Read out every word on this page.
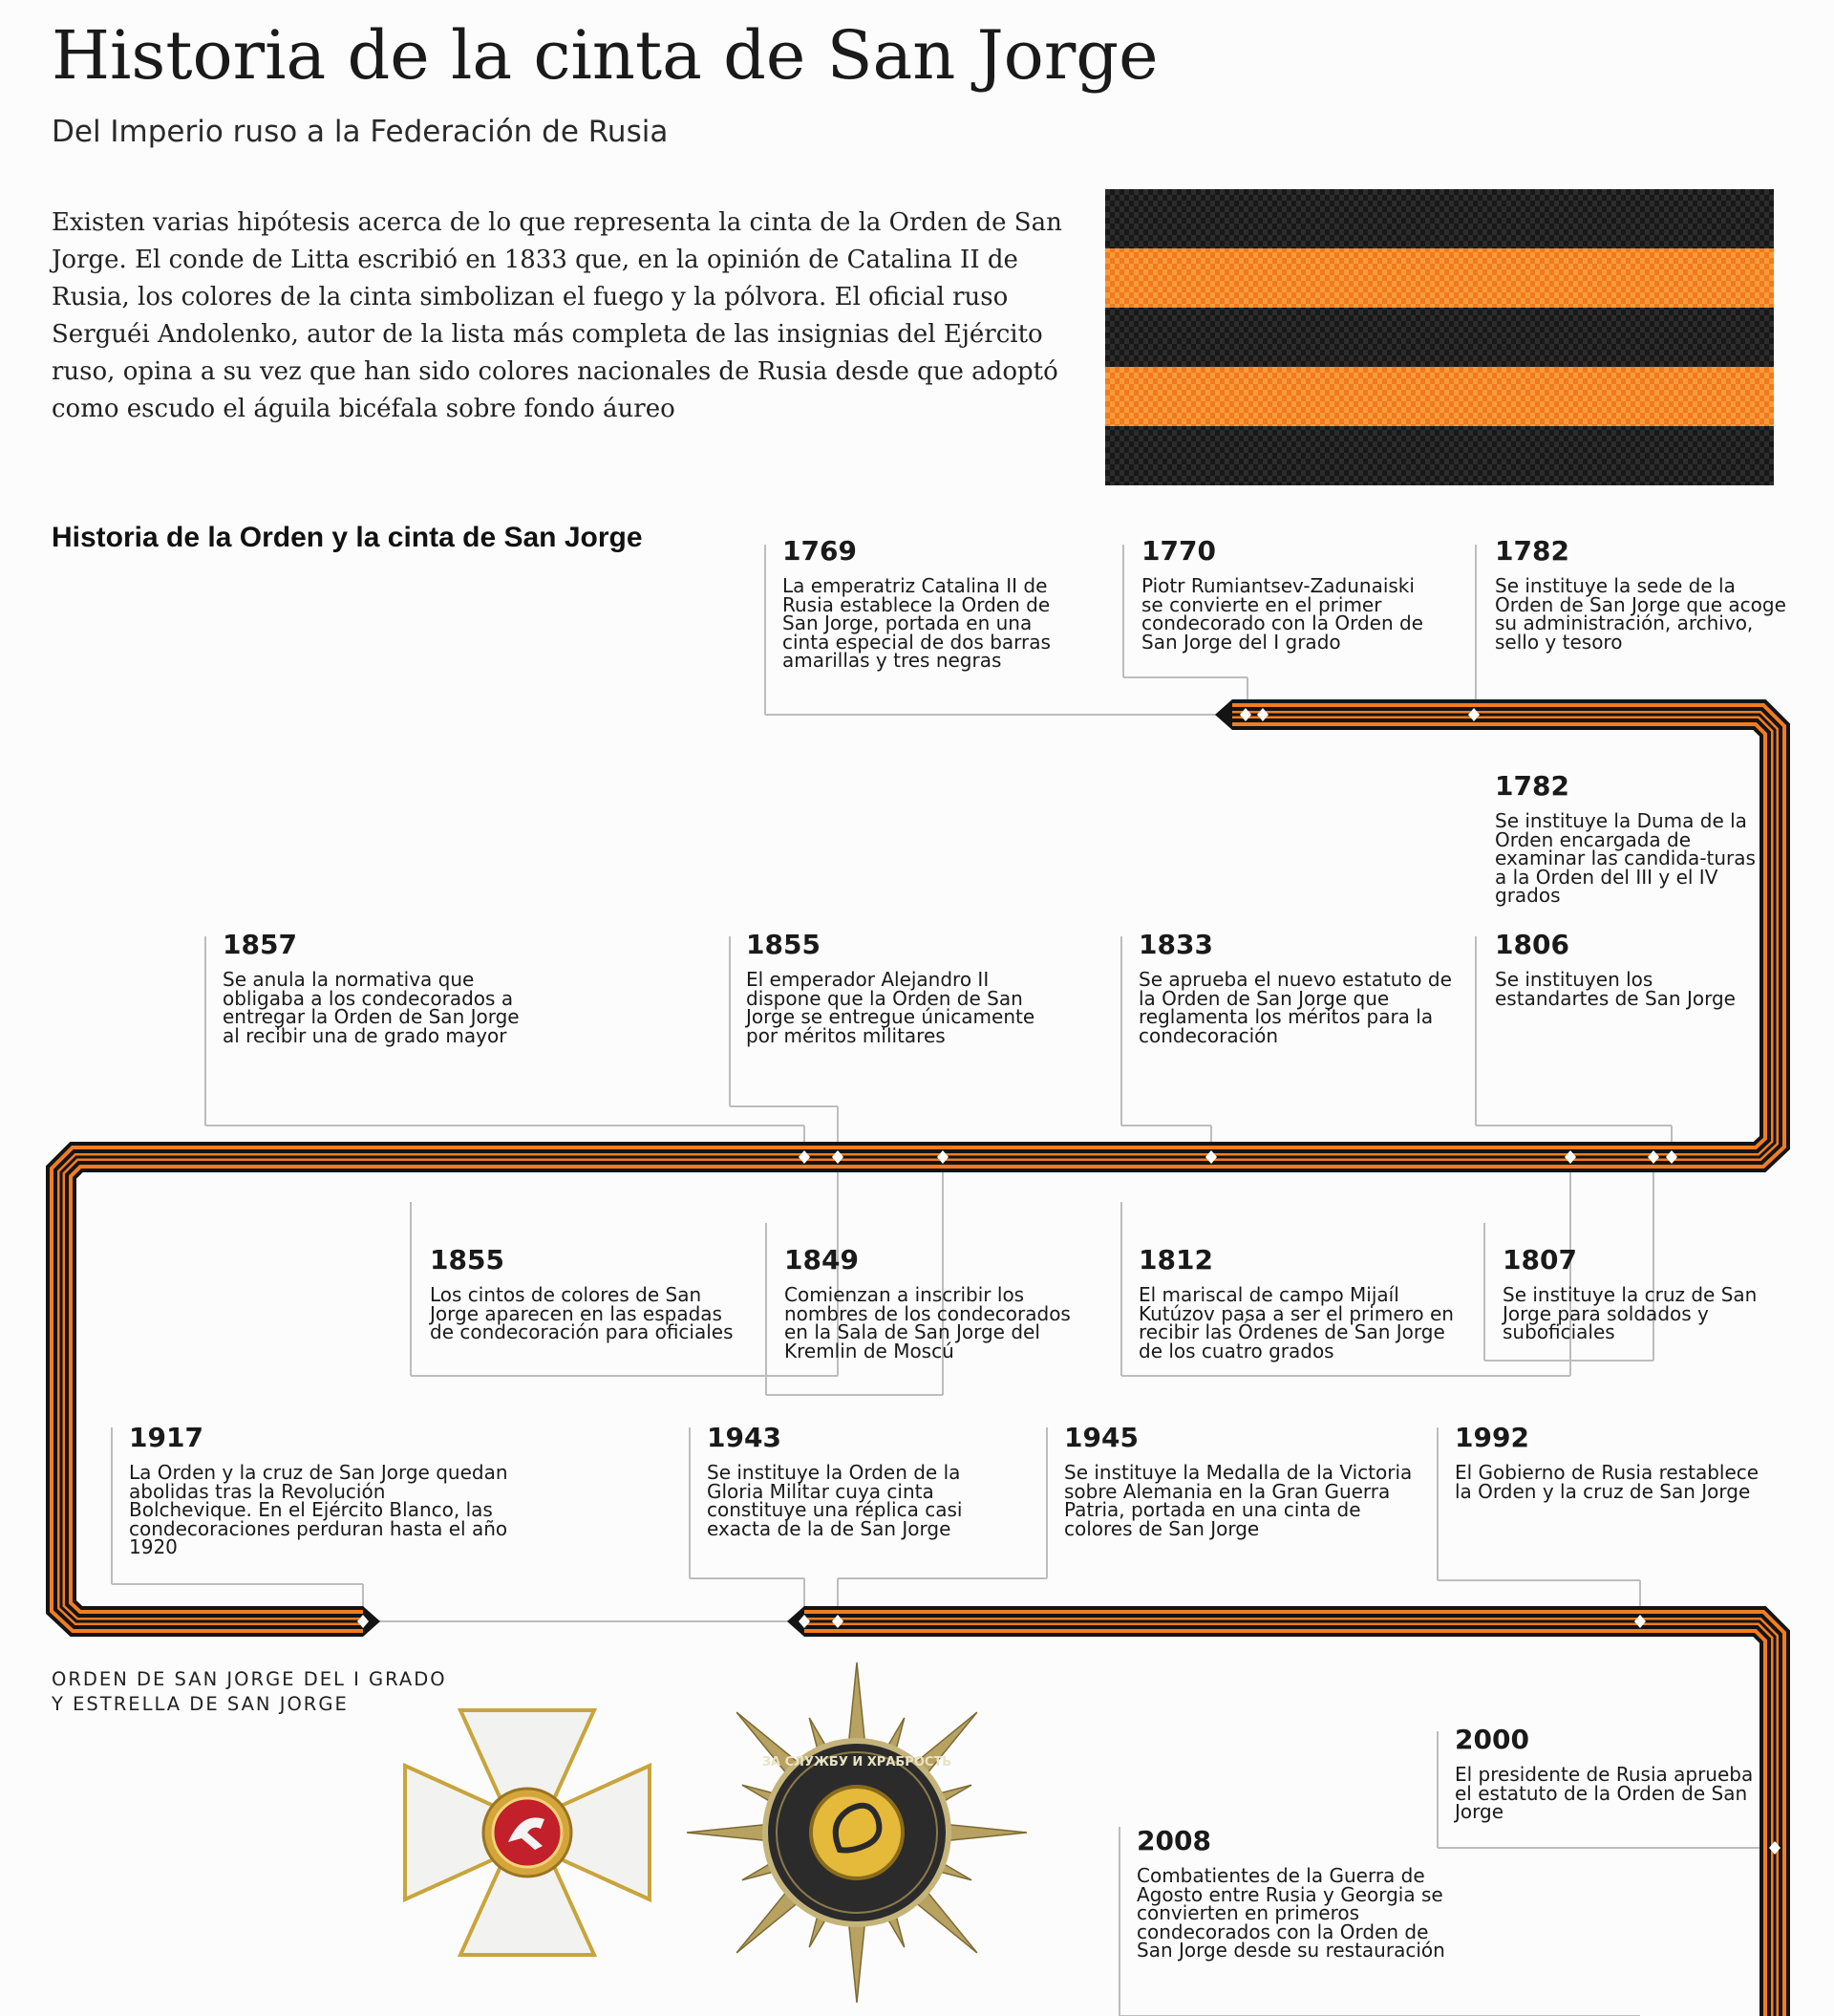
Historia de la cinta de San Jorge
Del Imperio ruso a la Federación de Rusia
Existen varias hipótesis acerca de lo que representa la cinta de la Orden de San Jorge. El conde de Litta escribió en 1833 que, en la opinión de Catalina II de Rusia, los colores de la cinta simbolizan el fuego y la pólvora. El oficial ruso Serguéi Andolenko, autor de la lista más completa de las insignias del Ejército ruso, opina a su vez que han sido colores nacionales de Rusia desde que adoptó como escudo el águila bicéfala sobre fondo áureo
Historia de la Orden y la cinta de San Jorge	1769
La emperatriz Catalina II de Rusia establece la Orden de San Jorge, portada en una cinta especial de dos barras amarillas y tres negras
1770
Piotr Rumiantsev-Zadunaiski se convierte en el primer condecorado con la Orden de San Jorge del I grado
1782
Se instituye la sede de la Orden de San Jorge que acoge su administración, archivo, sello y tesoro
1782
Se instituye la Duma de la Orden encargada de examinar las candida-turas a la Orden del III y el IV grados
1857
Se anula la normativa que obligaba a los condecorados a entregar la Orden de San Jorge al recibir una de grado mayor
1855
El emperador Alejandro II dispone que la Orden de San Jorge se entregue únicamente por méritos militares
1833
Se aprueba el nuevo estatuto de la Orden de San Jorge que reglamenta los méritos para la condecoración
1806
Se instituyen los estandartes de San Jorge
1855
Los cintos de colores de San Jorge aparecen en las espadas de condecoración para oficiales
1849
Comienzan a inscribir los nombres de los condecorados en la Sala de San Jorge del Kremlin de Moscú
1812
El mariscal de campo Mijaíl Kutúzov pasa a ser el primero en recibir las Órdenes de San Jorge de los cuatro grados
1807
Se instituye la cruz de San Jorge para soldados y suboficiales
1917
La Orden y la cruz de San Jorge quedan abolidas tras la Revolución Bolchevique. En el Ejército Blanco, las condecoraciones perduran hasta el año 1920
1943
Se instituye la Orden de la Gloria Militar cuya cinta constituye una réplica casi exacta de la de San Jorge
1945
Se instituye la Medalla de la Victoria sobre Alemania en la Gran Guerra Patria, portada en una cinta de colores de San Jorge
1992
El Gobierno de Rusia restablece la Orden y la cruz de San Jorge
2000
El presidente de Rusia aprueba el estatuto de la Orden de San Jorge
2008
Combatientes de la Guerra de Agosto entre Rusia y Georgia se convierten en primeros condecorados con la Orden de San Jorge desde su restauración
ORDEN DE SAN JORGE DEL I GRADO
Y ESTRELLA DE SAN JORGE
ЗА СЛУЖБУ И ХРАБРОСТЬ
